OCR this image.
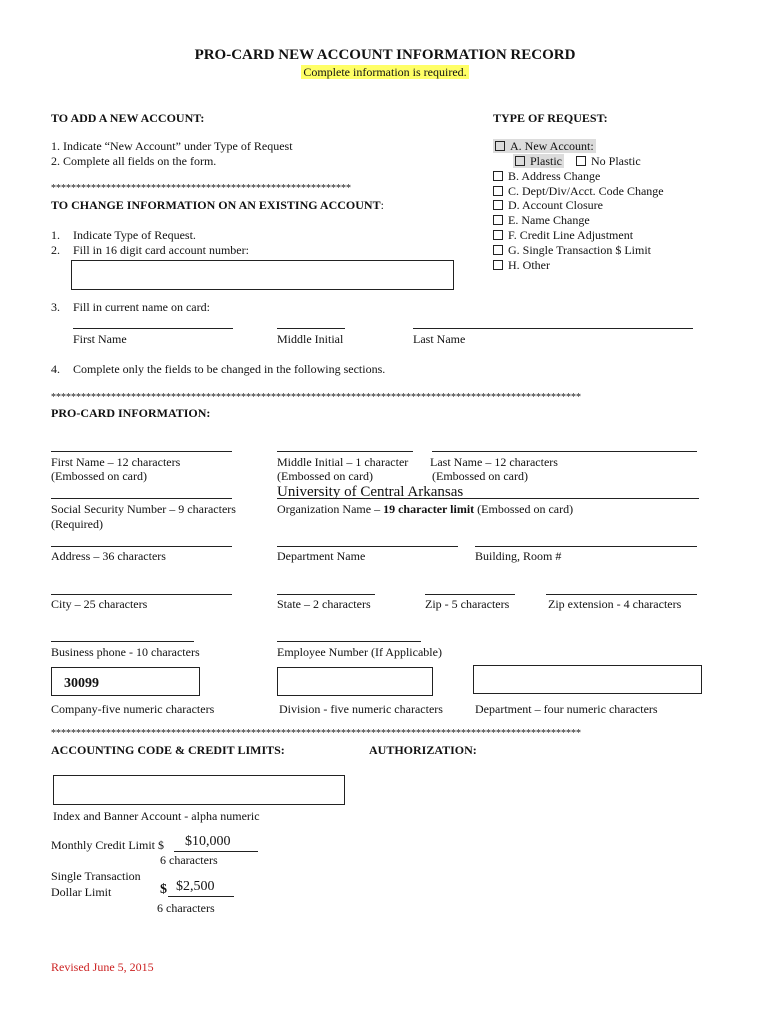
PRO-CARD NEW ACCOUNT INFORMATION RECORD
Complete information is required.
TO ADD A NEW ACCOUNT:
1. Indicate “New Account” under Type of Request
2. Complete all fields on the form.
************************************************************
TO CHANGE INFORMATION ON AN EXISTING ACCOUNT:
1. Indicate Type of Request.
2. Fill in 16 digit card account number:
3. Fill in current name on card:
First Name	Middle Initial	Last Name
4. Complete only the fields to be changed in the following sections.
TYPE OF REQUEST:
A. New Account:
Plastic No Plastic
B. Address Change
C. Dept/Div/Acct. Code Change
D. Account Closure
E. Name Change
F. Credit Line Adjustment
G. Single Transaction $ Limit
H. Other
**********************************************************************************************************
PRO-CARD INFORMATION:
First Name – 12 characters
(Embossed on card)
Middle Initial – 1 character
(Embossed on card)
Last Name – 12 characters
(Embossed on card)
Social Security Number – 9 characters
(Required)
University of Central Arkansas
Organization Name – 19 character limit (Embossed on card)
Address – 36 characters	Department Name	Building, Room #
City – 25 characters	State – 2 characters	Zip - 5 characters	Zip extension - 4 characters
Business phone - 10 characters	Employee Number (If Applicable)
30099
Company-five numeric characters	Division - five numeric characters	Department – four numeric characters
**********************************************************************************************************
ACCOUNTING CODE & CREDIT LIMITS:	AUTHORIZATION:
Index and Banner Account - alpha numeric
Monthly Credit Limit $ $10,000
6 characters
Single Transaction
Dollar Limit	$ $2,500
6 characters
Revised June 5, 2015
